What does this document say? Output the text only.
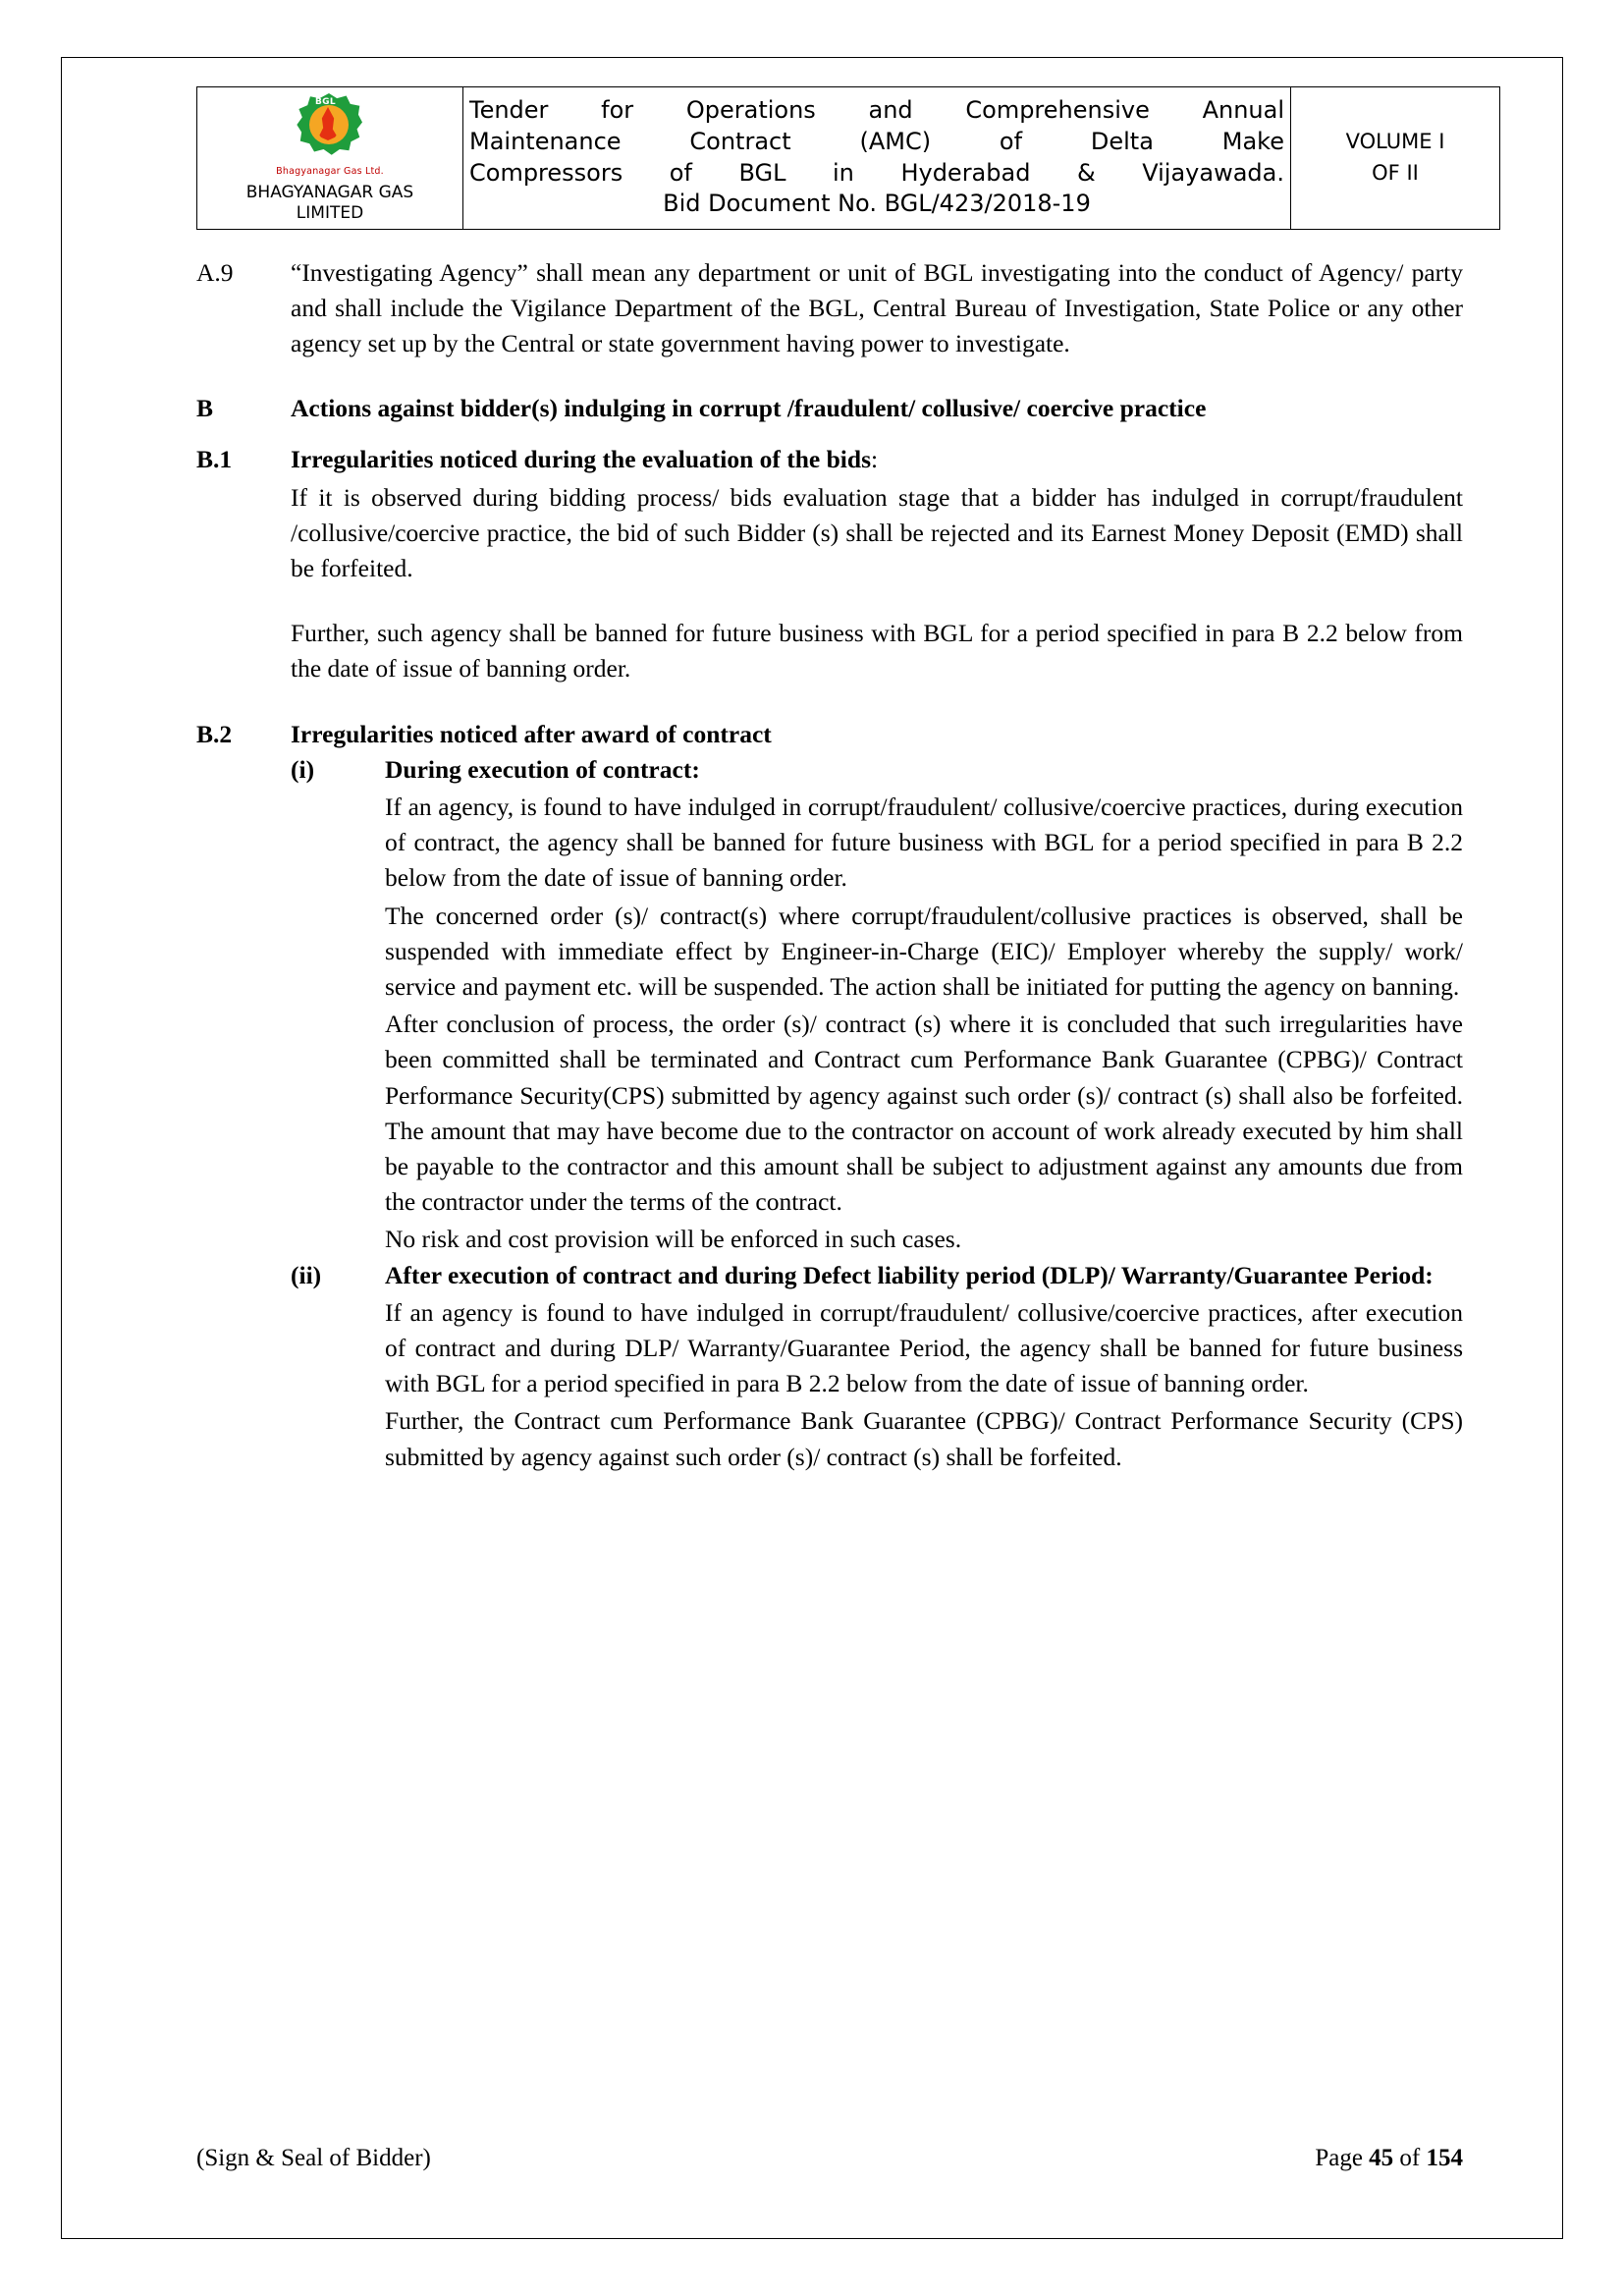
BGL
Bhagyanagar Gas Ltd.
BHAGYANAGAR GAS
LIMITED

Tender for Operations and Comprehensive Annual
Maintenance Contract (AMC) of Delta Make
Compressors of BGL in Hyderabad & Vijayawada.
Bid Document No. BGL/423/2018-19

VOLUME I
OF II
A.9	“Investigating Agency” shall mean any department or unit of BGL investigating into the conduct of Agency/ party and shall include the Vigilance Department of the BGL, Central Bureau of Investigation, State Police or any other agency set up by the Central or state government having power to investigate.
B	Actions against bidder(s) indulging in corrupt /fraudulent/ collusive/ coercive practice
B.1	Irregularities noticed during the evaluation of the bids:

If it is observed during bidding process/ bids evaluation stage that a bidder has indulged in corrupt/fraudulent /collusive/coercive practice, the bid of such Bidder (s) shall be rejected and its Earnest Money Deposit (EMD) shall be forfeited.

Further, such agency shall be banned for future business with BGL for a period specified in para B 2.2 below from the date of issue of banning order.

B.2	Irregularities noticed after award of contract
(i)	During execution of contract:

If an agency, is found to have indulged in corrupt/fraudulent/ collusive/coercive practices, during execution of contract, the agency shall be banned for future business with BGL for a period specified in para B 2.2 below from the date of issue of banning order.

The concerned order (s)/ contract(s) where corrupt/fraudulent/collusive practices is observed, shall be suspended with immediate effect by Engineer-in-Charge (EIC)/ Employer whereby the supply/ work/ service and payment etc. will be suspended. The action shall be initiated for putting the agency on banning.

After conclusion of process, the order (s)/ contract (s) where it is concluded that such irregularities have been committed shall be terminated and Contract cum Performance Bank Guarantee (CPBG)/ Contract Performance Security(CPS) submitted by agency against such order (s)/ contract (s) shall also be forfeited. The amount that may have become due to the contractor on account of work already executed by him shall be payable to the contractor and this amount shall be subject to adjustment against any amounts due from the contractor under the terms of the contract.

No risk and cost provision will be enforced in such cases.

(ii)	After execution of contract and during Defect liability period (DLP)/ Warranty/Guarantee Period:

If an agency is found to have indulged in corrupt/fraudulent/ collusive/coercive practices, after execution of contract and during DLP/ Warranty/Guarantee Period, the agency shall be banned for future business with BGL for a period specified in para B 2.2 below from the date of issue of banning order.

Further, the Contract cum Performance Bank Guarantee (CPBG)/ Contract Performance Security (CPS) submitted by agency against such order (s)/ contract (s) shall be forfeited.

(Sign & Seal of Bidder)	Page 45 of 154
